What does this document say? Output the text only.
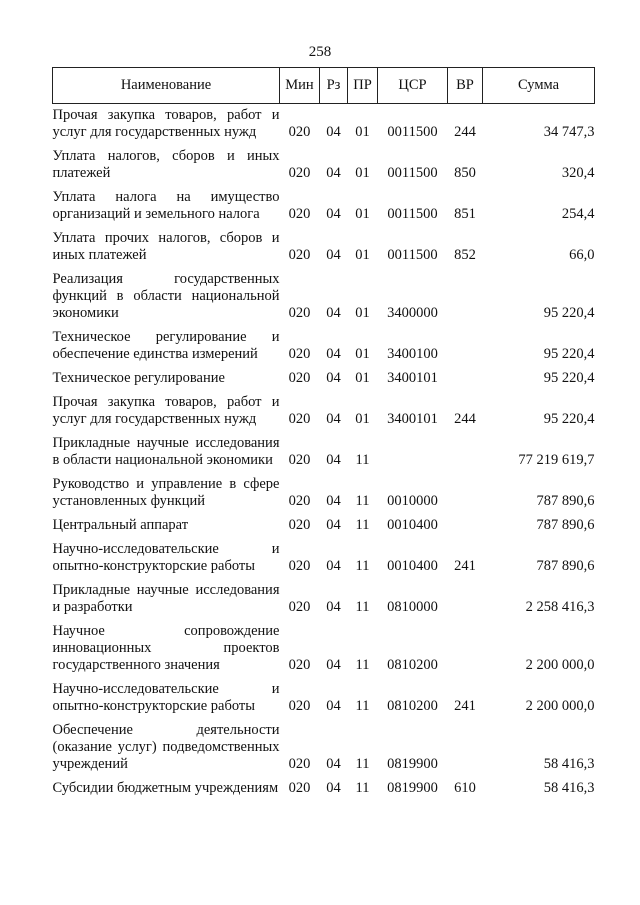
258
Наименование	Мин	Рз	ПР	ЦСР	ВР	Сумма
Прочая закупка товаров, работ и услуг для государственных нужд	020	04	01	0011500	244	34 747,3
Уплата налогов, сборов и иных платежей	020	04	01	0011500	850	320,4
Уплата налога на имущество организаций и земельного налога	020	04	01	0011500	851	254,4
Уплата прочих налогов, сборов и иных платежей	020	04	01	0011500	852	66,0
Реализация государственных функций в области национальной экономики	020	04	01	3400000		95 220,4
Техническое регулирование и обеспечение единства измерений	020	04	01	3400100		95 220,4
Техническое регулирование	020	04	01	3400101		95 220,4
Прочая закупка товаров, работ и услуг для государственных нужд	020	04	01	3400101	244	95 220,4
Прикладные научные исследования в области национальной экономики	020	04	11			77 219 619,7
Руководство и управление в сфере установленных функций	020	04	11	0010000		787 890,6
Центральный аппарат	020	04	11	0010400		787 890,6
Научно-исследовательские и опытно-конструкторские работы	020	04	11	0010400	241	787 890,6
Прикладные научные исследования и разработки	020	04	11	0810000		2 258 416,3
Научное сопровождение инновационных проектов государственного значения	020	04	11	0810200		2 200 000,0
Научно-исследовательские и опытно-конструкторские работы	020	04	11	0810200	241	2 200 000,0
Обеспечение деятельности (оказание услуг) подведомственных учреждений	020	04	11	0819900		58 416,3
Субсидии бюджетным учреждениям	020	04	11	0819900	610	58 416,3
